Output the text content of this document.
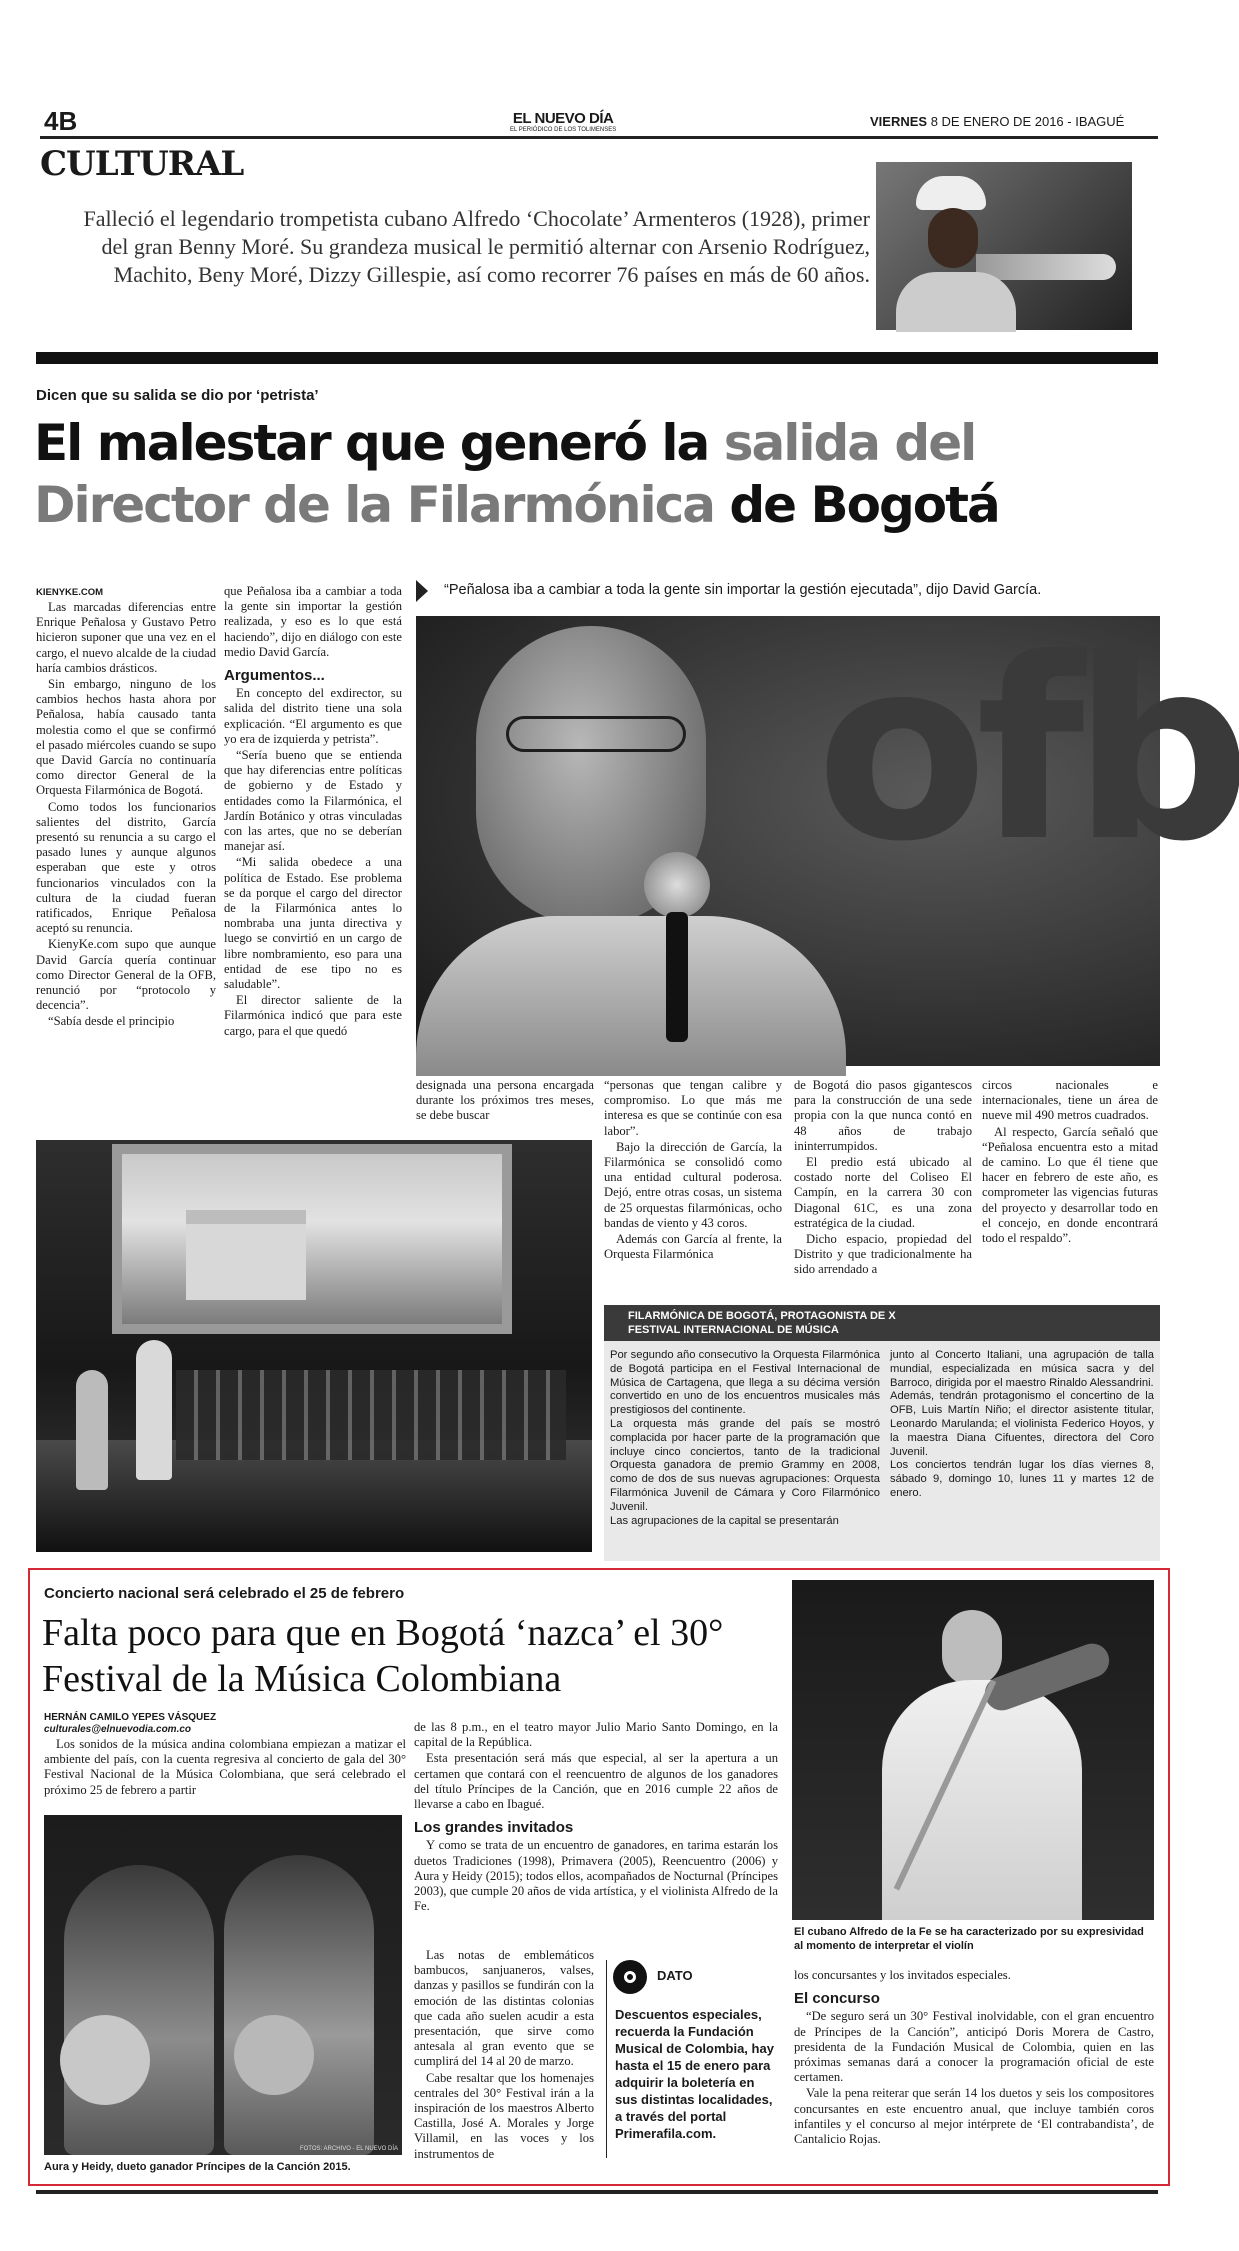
4B	EL NUEVO DÍA
EL PERIÓDICO DE LOS TOLIMENSES
VIERNES 8 DE ENERO DE 2016 - IBAGUÉ
CULTURAL
Falleció el legendario trompetista cubano Alfredo ‘Chocolate’ Armenteros (1928), primer del gran Benny Moré. Su grandeza musical le permitió alternar con Arsenio Rodríguez, Machito, Beny Moré, Dizzy Gillespie, así como recorrer 76 países en más de 60 años.
Dicen que su salida se dio por ‘petrista’
El malestar que generó la salida del Director de la Filarmónica de Bogotá
KIENYKE.COM

Las marcadas diferencias entre Enrique Peñalosa y Gustavo Petro hicieron suponer que una vez en el cargo, el nuevo alcalde de la ciudad haría cambios drásticos.

Sin embargo, ninguno de los cambios hechos hasta ahora por Peñalosa, había causado tanta molestia como el que se confirmó el pasado miércoles cuando se supo que David García no continuaría como director General de la Orquesta Filarmónica de Bogotá.

Como todos los funcionarios salientes del distrito, García presentó su renuncia a su cargo el pasado lunes y aunque algunos esperaban que este y otros funcionarios vinculados con la cultura de la ciudad fueran ratificados, Enrique Peñalosa aceptó su renuncia.

KienyKe.com supo que aunque David García quería continuar como Director General de la OFB, renunció por “protocolo y decencia”.

“Sabía desde el principio

que Peñalosa iba a cambiar a toda la gente sin importar la gestión realizada, y eso es lo que está haciendo”, dijo en diálogo con este medio David García.

Argumentos...

En concepto del exdirector, su salida del distrito tiene una sola explicación. “El argumento es que yo era de izquierda y petrista”.

“Sería bueno que se entienda que hay diferencias entre políticas de gobierno y de Estado y entidades como la Filarmónica, el Jardín Botánico y otras vinculadas con las artes, que no se deberían manejar así.

“Mi salida obedece a una política de Estado. Ese problema se da porque el cargo del director de la Filarmónica antes lo nombraba una junta directiva y luego se convirtió en un cargo de libre nombramiento, eso para una entidad de ese tipo no es saludable”.

El director saliente de la Filarmónica indicó que para este cargo, para el que quedó

“Peñalosa iba a cambiar a toda la gente sin importar la gestión ejecutada”, dijo David García.
ofb
designada una persona encargada durante los próximos tres meses, se debe buscar

“personas que tengan calibre y compromiso. Lo que más me interesa es que se continúe con esa labor”.

Bajo la dirección de García, la Filarmónica se consolidó como una entidad cultural poderosa. Dejó, entre otras cosas, un sistema de 25 orquestas filarmónicas, ocho bandas de viento y 43 coros.

Además con García al frente, la Orquesta Filarmónica

de Bogotá dio pasos gigantescos para la construcción de una sede propia con la que nunca contó en 48 años de trabajo ininterrumpidos.

El predio está ubicado al costado norte del Coliseo El Campín, en la carrera 30 con Diagonal 61C, es una zona estratégica de la ciudad.

Dicho espacio, propiedad del Distrito y que tradicionalmente ha sido arrendado a

circos nacionales e internacionales, tiene un área de nueve mil 490 metros cuadrados.

Al respecto, García señaló que “Peñalosa encuentra esto a mitad de camino. Lo que él tiene que hacer en febrero de este año, es comprometer las vigencias futuras del proyecto y desarrollar todo en el concejo, en donde encontrará todo el respaldo”.

FILARMÓNICA DE BOGOTÁ, PROTAGONISTA DE X FESTIVAL INTERNACIONAL DE MÚSICA

Por segundo año consecutivo la Orquesta Filarmónica de Bogotá participa en el Festival Internacional de Música de Cartagena, que llega a su décima versión convertido en uno de los encuentros musicales más prestigiosos del continente.

La orquesta más grande del país se mostró complacida por hacer parte de la programación que incluye cinco conciertos, tanto de la tradicional Orquesta ganadora de premio Grammy en 2008, como de dos de sus nuevas agrupaciones: Orquesta Filarmónica Juvenil de Cámara y Coro Filarmónico Juvenil.

Las agrupaciones de la capital se presentarán

junto al Concerto Italiani, una agrupación de talla mundial, especializada en música sacra y del Barroco, dirigida por el maestro Rinaldo Alessandrini.

Además, tendrán protagonismo el concertino de la OFB, Luis Martín Niño; el director asistente titular, Leonardo Marulanda; el violinista Federico Hoyos, y la maestra Diana Cifuentes, directora del Coro Juvenil.

Los conciertos tendrán lugar los días viernes 8, sábado 9, domingo 10, lunes 11 y martes 12 de enero.

Concierto nacional será celebrado el 25 de febrero
Falta poco para que en Bogotá ‘nazca’ el 30° Festival de la Música Colombiana
HERNÁN CAMILO YEPES VÁSQUEZ
culturales@elnuevodia.com.co
Los sonidos de la música andina colombiana empiezan a matizar el ambiente del país, con la cuenta regresiva al concierto de gala del 30° Festival Nacional de la Música Colombiana, que será celebrado el próximo 25 de febrero a partir
FOTOS: ARCHIVO - EL NUEVO DÍA
Aura y Heidy, dueto ganador Príncipes de la Canción 2015.

de las 8 p.m., en el teatro mayor Julio Mario Santo Domingo, en la capital de la República.

Esta presentación será más que especial, al ser la apertura a un certamen que contará con el reencuentro de algunos de los ganadores del título Príncipes de la Canción, que en 2016 cumple 22 años de llevarse a cabo en Ibagué.

Los grandes invitados

Y como se trata de un encuentro de ganadores, en tarima estarán los duetos Tradiciones (1998), Primavera (2005), Reencuentro (2006) y Aura y Heidy (2015); todos ellos, acompañados de Nocturnal (Príncipes 2003), que cumple 20 años de vida artística, y el violinista Alfredo de la Fe.

Las notas de emblemáticos bambucos, sanjuaneros, valses, danzas y pasillos se fundirán con la emoción de las distintas colonias que cada año suelen acudir a esta presentación, que sirve como antesala al gran evento que se cumplirá del 14 al 20 de marzo.

Cabe resaltar que los homenajes centrales del 30° Festival irán a la inspiración de los maestros Alberto Castilla, José A. Morales y Jorge Villamil, en las voces y los instrumentos de

DATO
Descuentos especiales, recuerda la Fundación Musical de Colombia, hay hasta el 15 de enero para adquirir la boletería en sus distintas localidades, a través del portal Primerafila.com.
El cubano Alfredo de la Fe se ha caracterizado por su expresividad al momento de interpretar el violín

los concursantes y los invitados especiales.

El concurso

“De seguro será un 30° Festival inolvidable, con el gran encuentro de Príncipes de la Canción”, anticipó Doris Morera de Castro, presidenta de la Fundación Musical de Colombia, quien en las próximas semanas dará a conocer la programación oficial de este certamen.

Vale la pena reiterar que serán 14 los duetos y seis los compositores concursantes en este encuentro anual, que incluye también coros infantiles y el concurso al mejor intérprete de ‘El contrabandista’, de Cantalicio Rojas.
